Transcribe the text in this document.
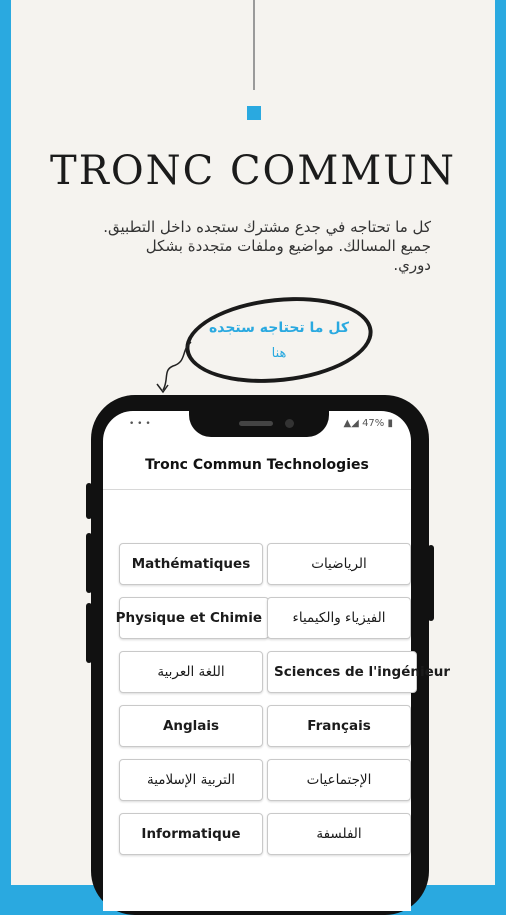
TRONC COMMUN
كل ما تحتاجه في جدع مشترك ستجده داخل التطبيق.
جميع المسالك. مواضيع وملفات متجددة بشكل
دوري.
كل ما تحتاجه ستجده
هنا
• • •	▲◢ 47% ▮
Tronc Commun Technologies
Mathématiques	الرياضيات
Physique et Chimie	الفيزياء والكيمياء
اللغة العربية	Sciences de l'ingénieur
Anglais	Français
التربية الإسلامية	الإجتماعيات
Informatique	الفلسفة
